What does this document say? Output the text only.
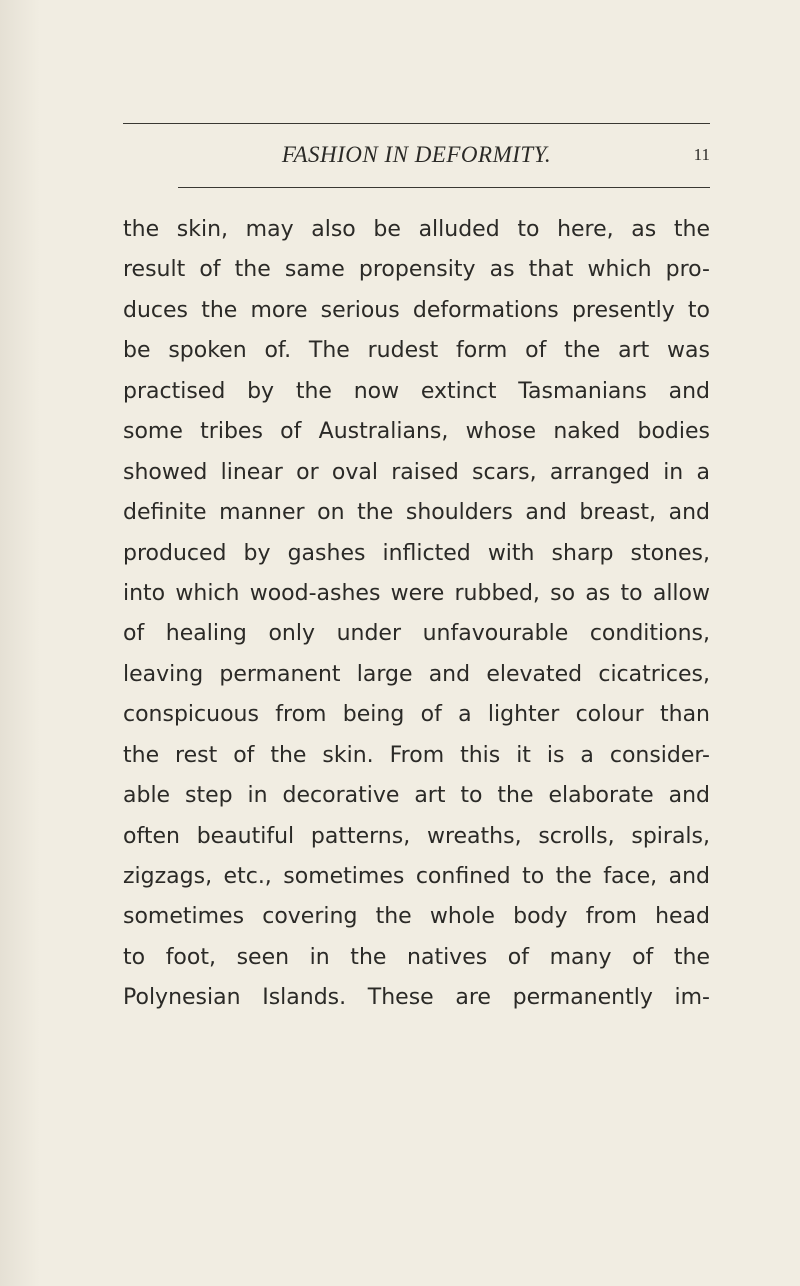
FASHION IN DEFORMITY.	11
the skin, may also be alluded to here, as the
result of the same propensity as that which pro-
duces the more serious deformations presently to
be spoken of. The rudest form of the art was
practised by the now extinct Tasmanians and
some tribes of Australians, whose naked bodies
showed linear or oval raised scars, arranged in a
definite manner on the shoulders and breast, and
produced by gashes inflicted with sharp stones,
into which wood-ashes were rubbed, so as to allow
of healing only under unfavourable conditions,
leaving permanent large and elevated cicatrices,
conspicuous from being of a lighter colour than
the rest of the skin. From this it is a consider-
able step in decorative art to the elaborate and
often beautiful patterns, wreaths, scrolls, spirals,
zigzags, etc., sometimes confined to the face, and
sometimes covering the whole body from head
to foot, seen in the natives of many of the
Polynesian Islands. These are permanently im-
